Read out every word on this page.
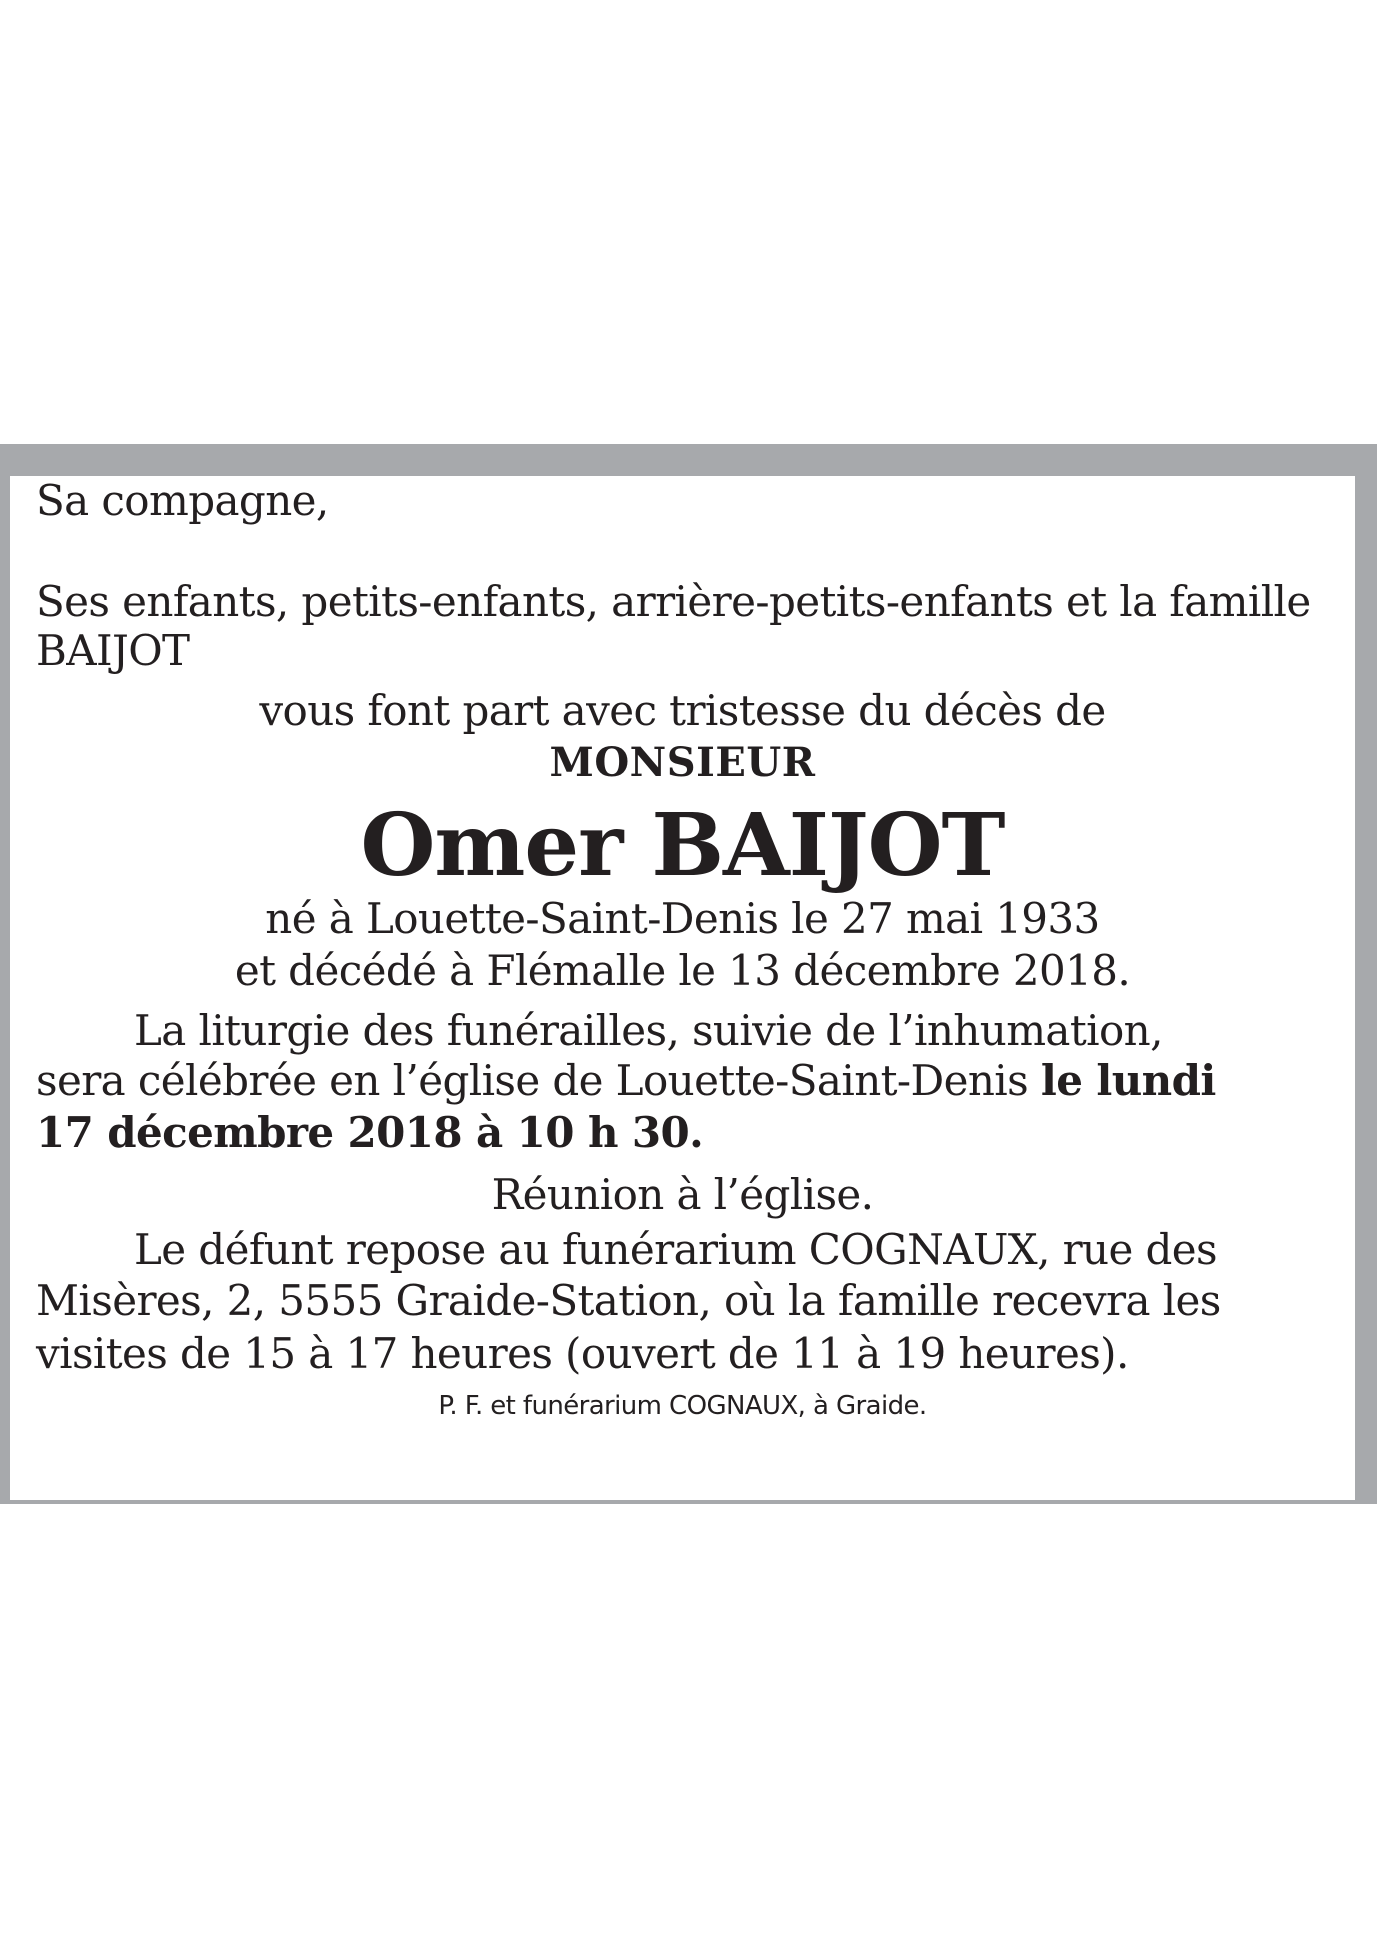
Sa compagne,
Ses enfants, petits-enfants, arrière-petits-enfants et la famille
BAIJOT
vous font part avec tristesse du décès de
MONSIEUR
Omer BAIJOT
né à Louette-Saint-Denis le 27 mai 1933
et décédé à Flémalle le 13 décembre 2018.
La liturgie des funérailles, suivie de l’inhumation,
sera célébrée en l’église de Louette-Saint-Denis le lundi
17 décembre 2018 à 10 h 30.
Réunion à l’église.
Le défunt repose au funérarium COGNAUX, rue des
Misères, 2, 5555 Graide-Station, où la famille recevra les
visites de 15 à 17 heures (ouvert de 11 à 19 heures).
P. F. et funérarium COGNAUX, à Graide.
